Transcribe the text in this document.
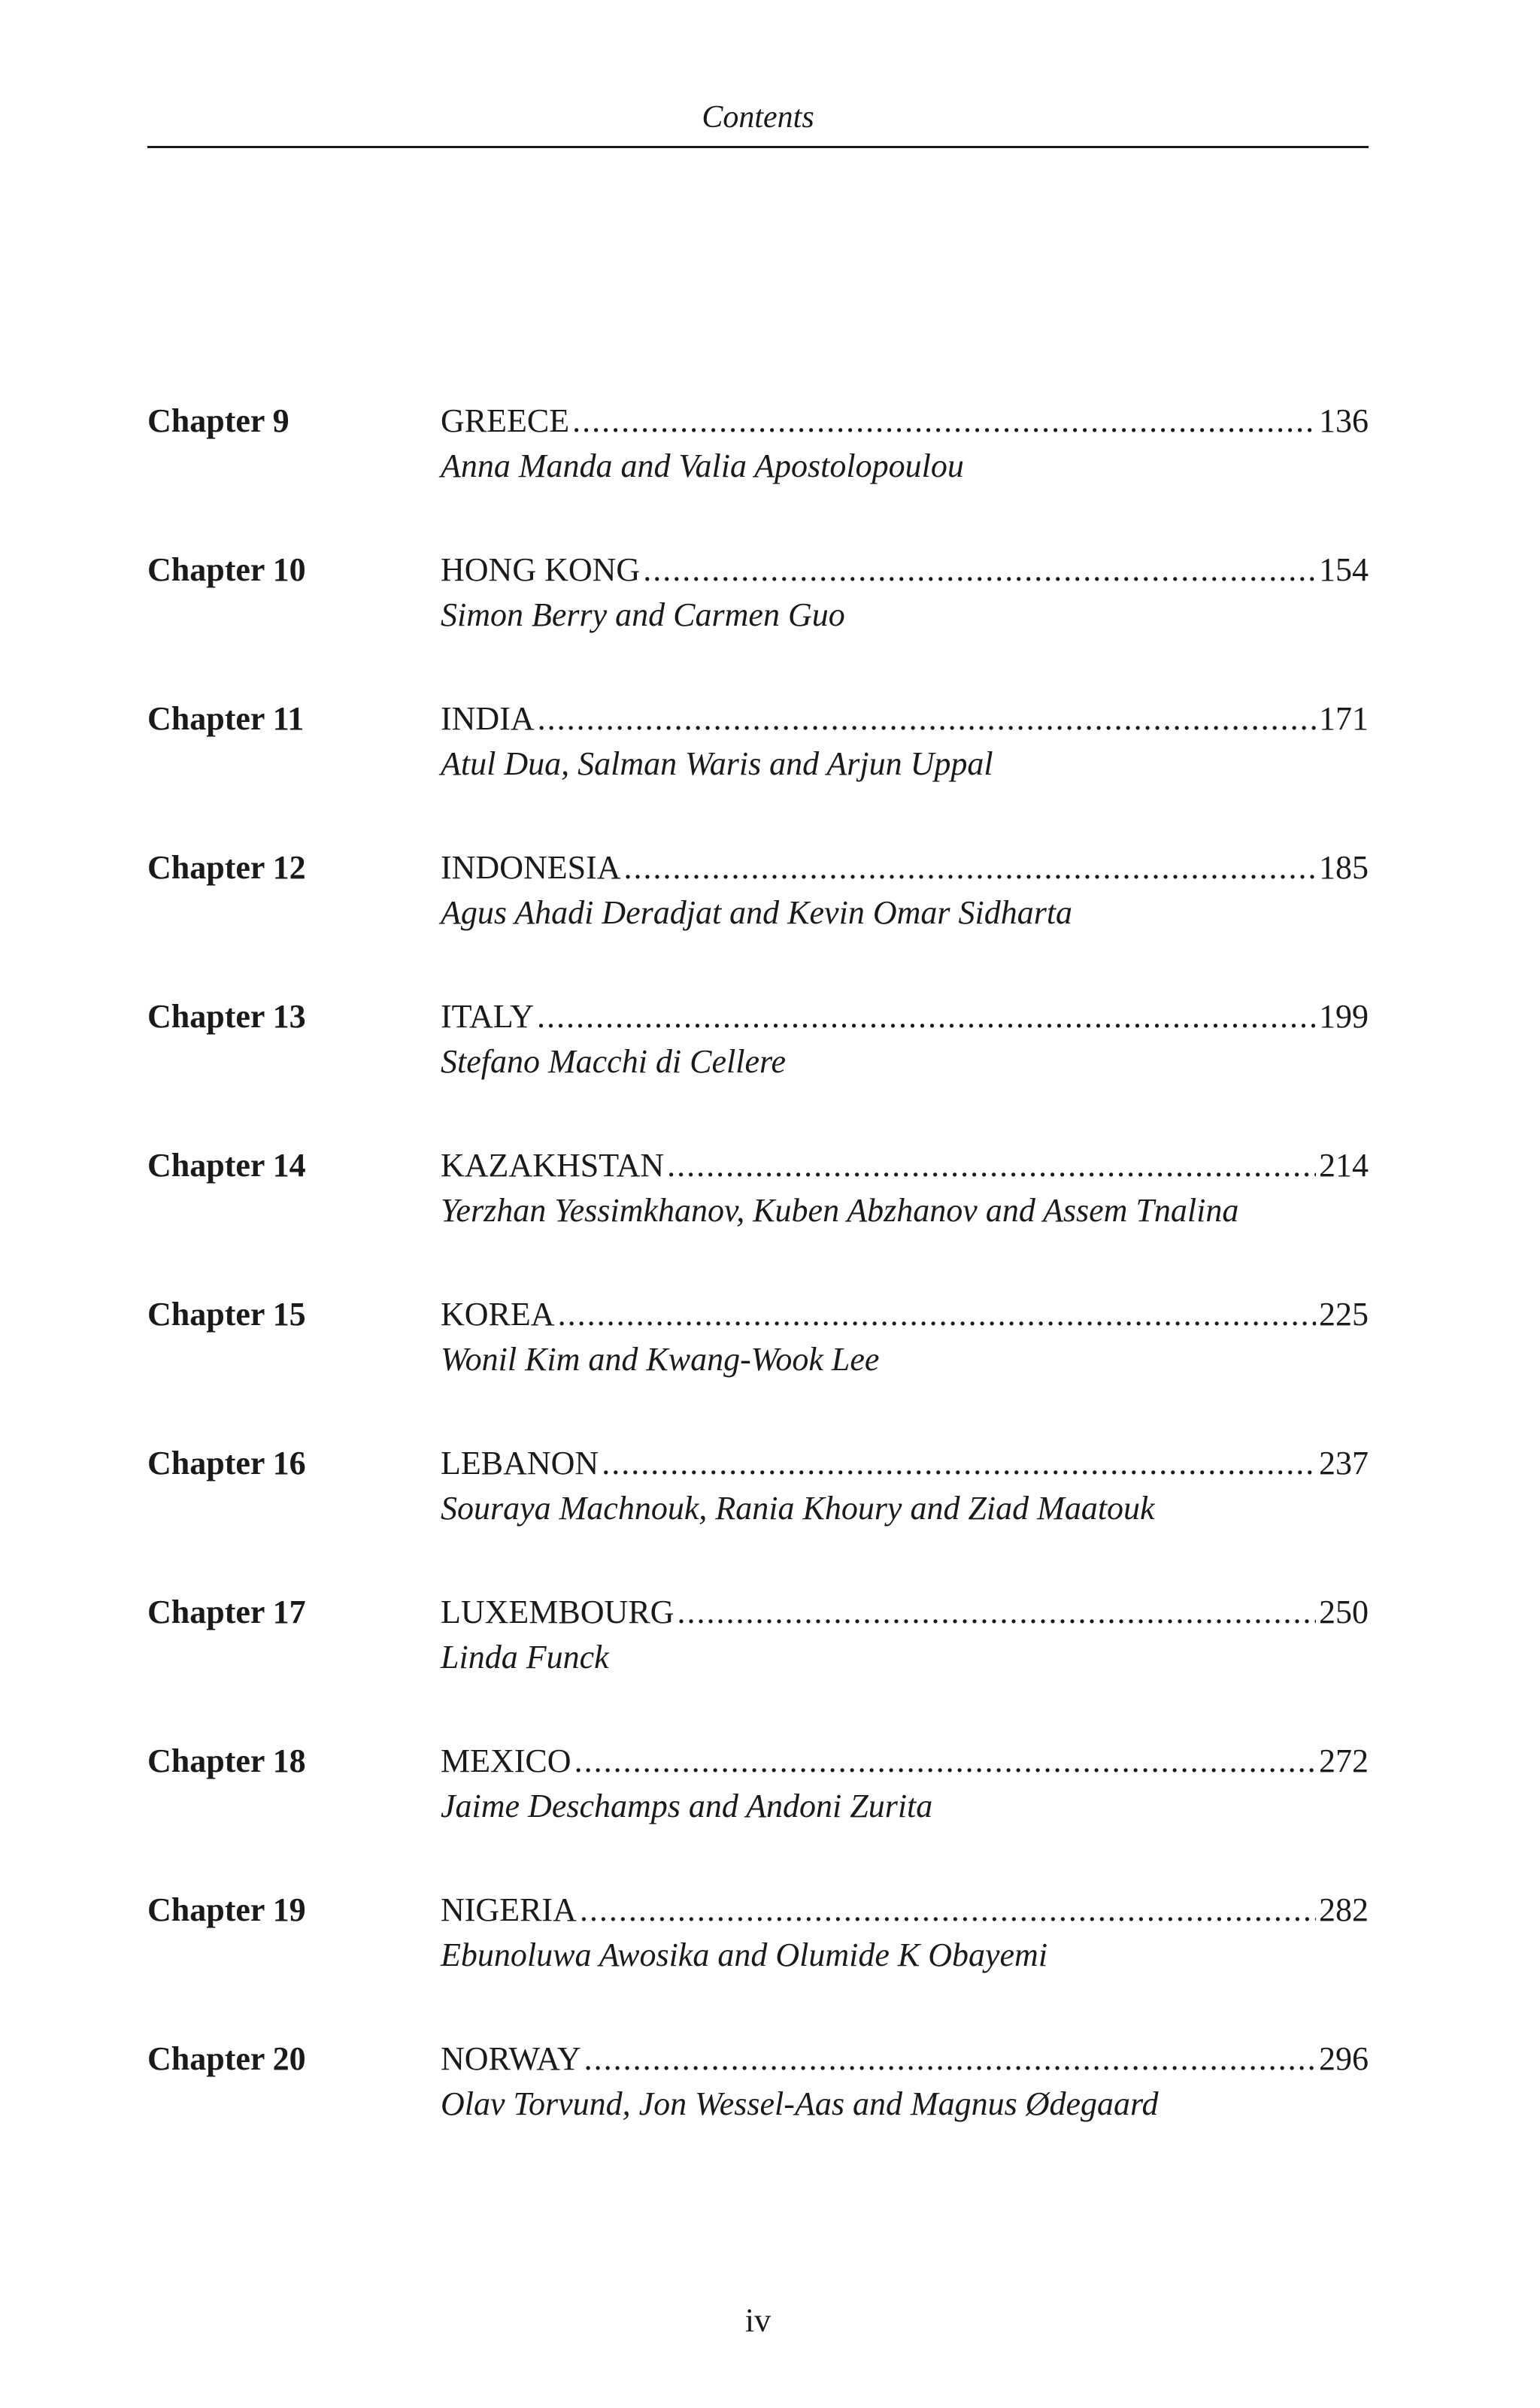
Contents
Chapter 9	GREECE .....	136
Anna Manda and Valia Apostolopoulou
Chapter 10	HONG KONG .....	154
Simon Berry and Carmen Guo
Chapter 11	INDIA .....	171
Atul Dua, Salman Waris and Arjun Uppal
Chapter 12	INDONESIA .....	185
Agus Ahadi Deradjat and Kevin Omar Sidharta
Chapter 13	ITALY .....	199
Stefano Macchi di Cellere
Chapter 14	KAZAKHSTAN .....	214
Yerzhan Yessimkhanov, Kuben Abzhanov and Assem Tnalina
Chapter 15	KOREA .....	225
Wonil Kim and Kwang-Wook Lee
Chapter 16	LEBANON .....	237
Souraya Machnouk, Rania Khoury and Ziad Maatouk
Chapter 17	LUXEMBOURG .....	250
Linda Funck
Chapter 18	MEXICO .....	272
Jaime Deschamps and Andoni Zurita
Chapter 19	NIGERIA .....	282
Ebunoluwa Awosika and Olumide K Obayemi
Chapter 20	NORWAY .....	296
Olav Torvund, Jon Wessel-Aas and Magnus Ødegaard
iv
